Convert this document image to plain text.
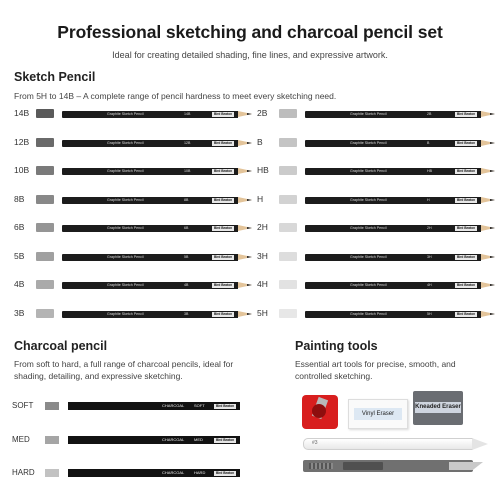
Professional sketching and charcoal pencil set
Ideal for creating detailed shading, fine lines, and expressive artwork.
Sketch Pencil
From 5H to 14B – A complete range of pencil hardness to meet every sketching need.
14B	Graphite Sketch Pencil	14B	Bird Beaton
12B	Graphite Sketch Pencil	12B	Bird Beaton
10B	Graphite Sketch Pencil	10B	Bird Beaton
8B	Graphite Sketch Pencil	8B	Bird Beaton
6B	Graphite Sketch Pencil	6B	Bird Beaton
5B	Graphite Sketch Pencil	5B	Bird Beaton
4B	Graphite Sketch Pencil	4B	Bird Beaton
3B	Graphite Sketch Pencil	3B	Bird Beaton
2B	Graphite Sketch Pencil	2B	Bird Beaton
B	Graphite Sketch Pencil	B	Bird Beaton
HB	Graphite Sketch Pencil	HB	Bird Beaton
H	Graphite Sketch Pencil	H	Bird Beaton
2H	Graphite Sketch Pencil	2H	Bird Beaton
3H	Graphite Sketch Pencil	3H	Bird Beaton
4H	Graphite Sketch Pencil	4H	Bird Beaton
5H	Graphite Sketch Pencil	5H	Bird Beaton
Charcoal pencil
From soft to hard, a full range of charcoal pencils, ideal for
shading, detailing, and expressive sketching.
SOFT	CHARCOAL SOFT	Bird Beaton
MED	CHARCOAL MED	Bird Beaton
HARD	CHARCOAL HARD	Bird Beaton
Painting tools
Essential art tools for precise, smooth, and
controlled sketching.
Vinyl Eraser
Kneaded Eraser
#3
